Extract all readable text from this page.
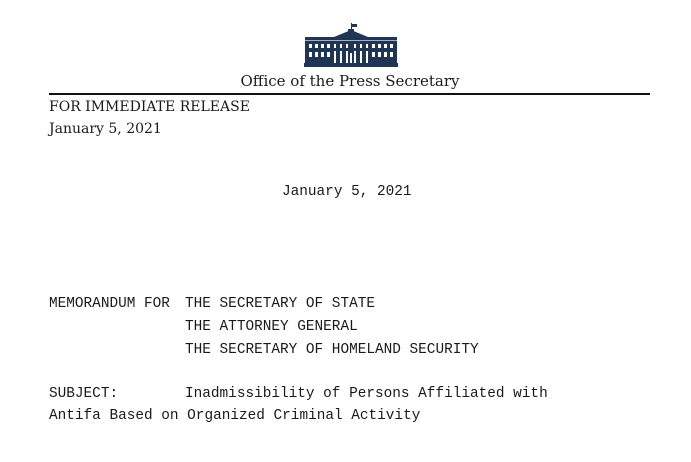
Office of the Press Secretary
FOR IMMEDIATE RELEASE
January 5, 2021
January 5, 2021
MEMORANDUM FOR THE SECRETARY OF STATE
THE ATTORNEY GENERAL
THE SECRETARY OF HOMELAND SECURITY
SUBJECT:	Inadmissibility of Persons Affiliated with
Antifa Based on Organized Criminal Activity
